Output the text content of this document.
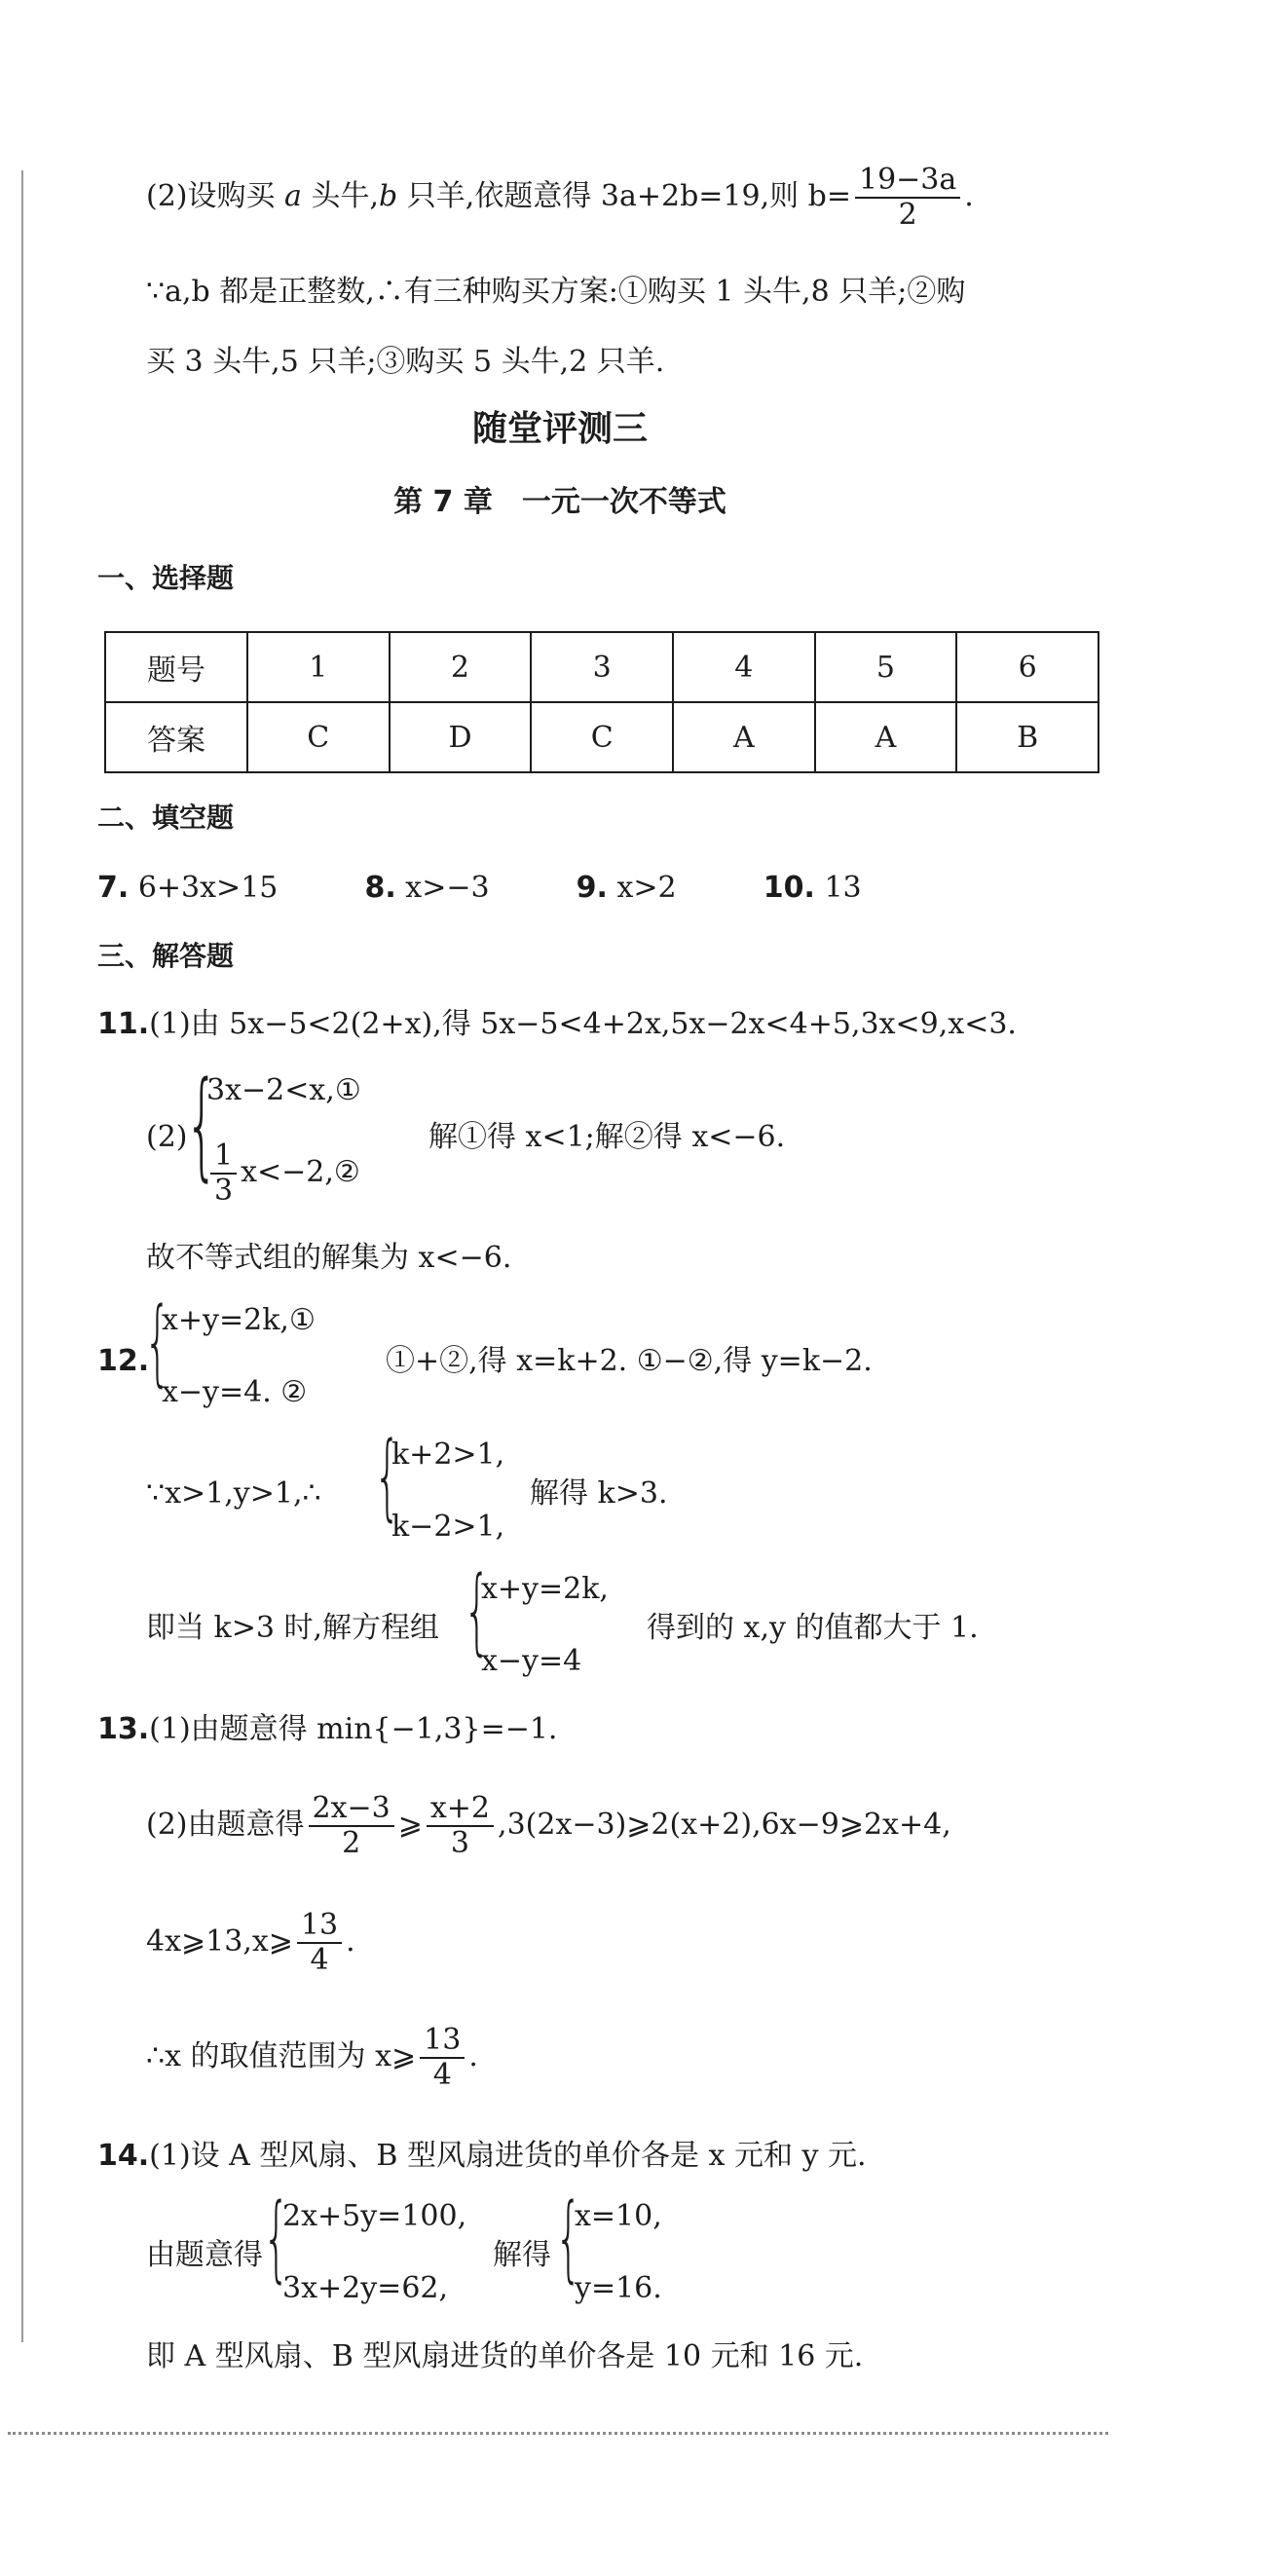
(2)设购买 a 头牛,b 只羊,依题意得 3a+2b=19,则 $b= \frac{19-3a}{2}$ .
∵a,b 都是正整数,∴有三种购买方案:①购买 1 头牛,8 只羊;②购
买 3 头牛,5 只羊;③购买 5 头牛,2 只羊.
随堂评测三
第 7 章　一元一次不等式
一、选择题
题号	1	2	3	4	5	6
答案	C	D	C	A	A	B
二、填空题
7. 6+3x>15	8. x>−3	9. x>2	10. 13
三、解答题
11.(1)由 5x−5<2(2+x),得 5x−5<4+2x,5x−2x<4+5,3x<9,x<3.
(2)
{
3x−2<x,①
$\frac{1}{3}$ x<−2,②
解①得 x<1;解②得 x<−6.
故不等式组的解集为 x<−6.
12.
{
x+y=2k,①
x−y=4. ②
①+②,得 x=k+2. ①−②,得 y=k−2.
∵x>1,y>1,∴ {
k+2>1,
k−2>1,
解得 k>3.
即当 k>3 时,解方程组 {
x+y=2k,
x−y=4
得到的 x,y 的值都大于 1.
13.(1)由题意得 min{−1,3}=−1.
(2)由题意得 $\frac{2x-3}{2}$ ⩾ $\frac{x+2}{3}$ ,3(2x−3)⩾2(x+2),6x−9⩾2x+4,
4x⩾13,x⩾ $\frac{13}{4}$ .
∴x 的取值范围为 x⩾ $\frac{13}{4}$ .
14.(1)设 A 型风扇、B 型风扇进货的单价各是 x 元和 y 元.
由题意得 {
2x+5y=100,
3x+2y=62,
解得 {
x=10,
y=16.
即 A 型风扇、B 型风扇进货的单价各是 10 元和 16 元.
